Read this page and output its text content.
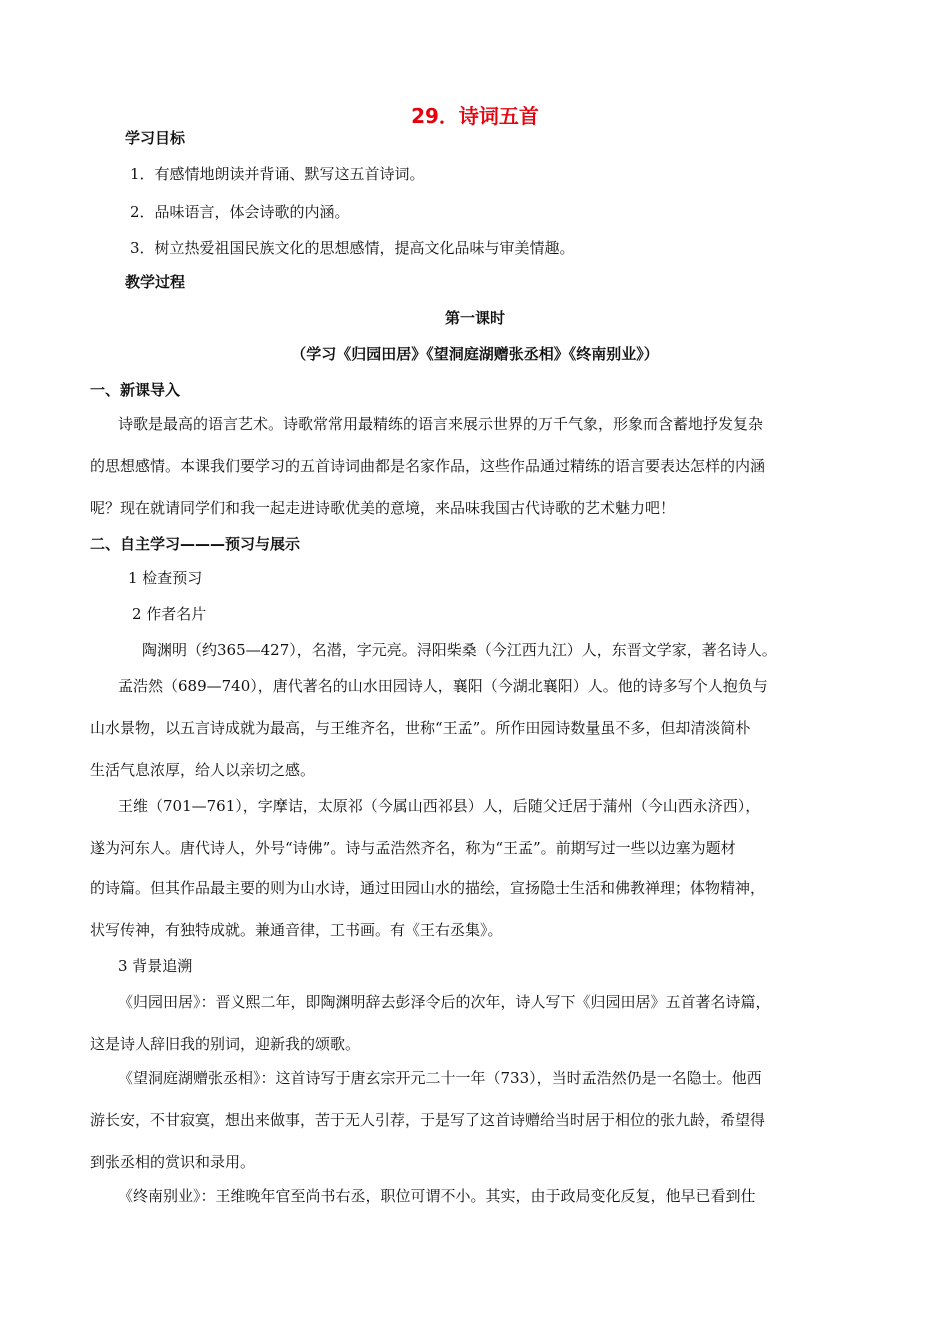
29．诗词五首
学习目标
1．有感情地朗读并背诵、默写这五首诗词。
2．品味语言，体会诗歌的内涵。
3．树立热爱祖国民族文化的思想感情，提高文化品味与审美情趣。
教学过程
第一课时
（学习《归园田居》《望洞庭湖赠张丞相》《终南别业》）
一、新课导入
诗歌是最高的语言艺术。诗歌常常用最精练的语言来展示世界的万千气象，形象而含蓄地抒发复杂
的思想感情。本课我们要学习的五首诗词曲都是名家作品，这些作品通过精练的语言要表达怎样的内涵
呢？现在就请同学们和我一起走进诗歌优美的意境，来品味我国古代诗歌的艺术魅力吧！
二、自主学习———预习与展示
1 检查预习
2 作者名片
陶渊明（约365—427），名潜，字元亮。浔阳柴桑（今江西九江）人，东晋文学家，著名诗人。
孟浩然（689—740），唐代著名的山水田园诗人，襄阳（今湖北襄阳）人。他的诗多写个人抱负与
山水景物，以五言诗成就为最高，与王维齐名，世称“王孟”。所作田园诗数量虽不多，但却清淡简朴
生活气息浓厚，给人以亲切之感。
王维（701—761），字摩诘，太原祁（今属山西祁县）人，后随父迁居于蒲州（今山西永济西），
遂为河东人。唐代诗人，外号“诗佛”。诗与孟浩然齐名，称为“王孟”。前期写过一些以边塞为题材
的诗篇。但其作品最主要的则为山水诗，通过田园山水的描绘，宣扬隐士生活和佛教禅理；体物精神，
状写传神，有独特成就。兼通音律，工书画。有《王右丞集》。
3 背景追溯
《归园田居》：晋义熙二年，即陶渊明辞去彭泽令后的次年，诗人写下《归园田居》五首著名诗篇，
这是诗人辞旧我的别词，迎新我的颂歌。
《望洞庭湖赠张丞相》：这首诗写于唐玄宗开元二十一年（733），当时孟浩然仍是一名隐士。他西
游长安，不甘寂寞，想出来做事，苦于无人引荐，于是写了这首诗赠给当时居于相位的张九龄，希望得
到张丞相的赏识和录用。
《终南别业》：王维晚年官至尚书右丞，职位可谓不小。其实，由于政局变化反复，他早已看到仕
